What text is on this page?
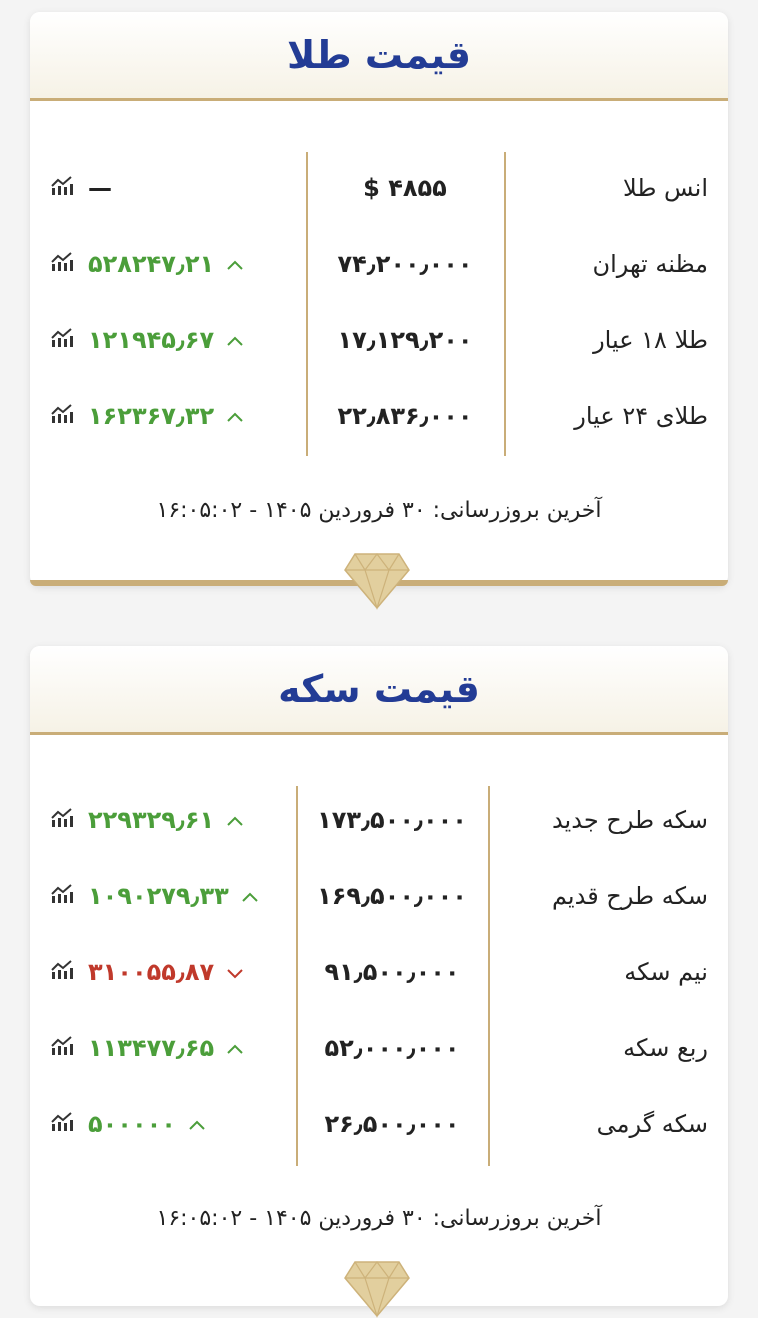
قیمت طلا
انس طلا
۴۸۵۵ $
—
مظنه تهران
۷۴٫۲۰۰٫۰۰۰
۵۲۸۲۴۷٫۲۱
طلا ۱۸ عیار
۱۷٫۱۲۹٫۲۰۰
۱۲۱۹۴۵٫۶۷
طلای ۲۴ عیار
۲۲٫۸۳۶٫۰۰۰
۱۶۲۳۶۷٫۳۲
آخرین بروزرسانی: ۳۰ فروردین ۱۴۰۵ - ۱۶:۰۵:۰۲
قیمت سکه
سکه طرح جدید
۱۷۳٫۵۰۰٫۰۰۰
۲۲۹۳۲۹٫۶۱
سکه طرح قدیم
۱۶۹٫۵۰۰٫۰۰۰
۱۰۹۰۲۷۹٫۳۳
نیم سکه
۹۱٫۵۰۰٫۰۰۰
۳۱۰۰۵۵٫۸۷
ربع سکه
۵۲٫۰۰۰٫۰۰۰
۱۱۳۴۷۷٫۶۵
سکه گرمی
۲۶٫۵۰۰٫۰۰۰
۵۰۰۰۰۰
آخرین بروزرسانی: ۳۰ فروردین ۱۴۰۵ - ۱۶:۰۵:۰۲
